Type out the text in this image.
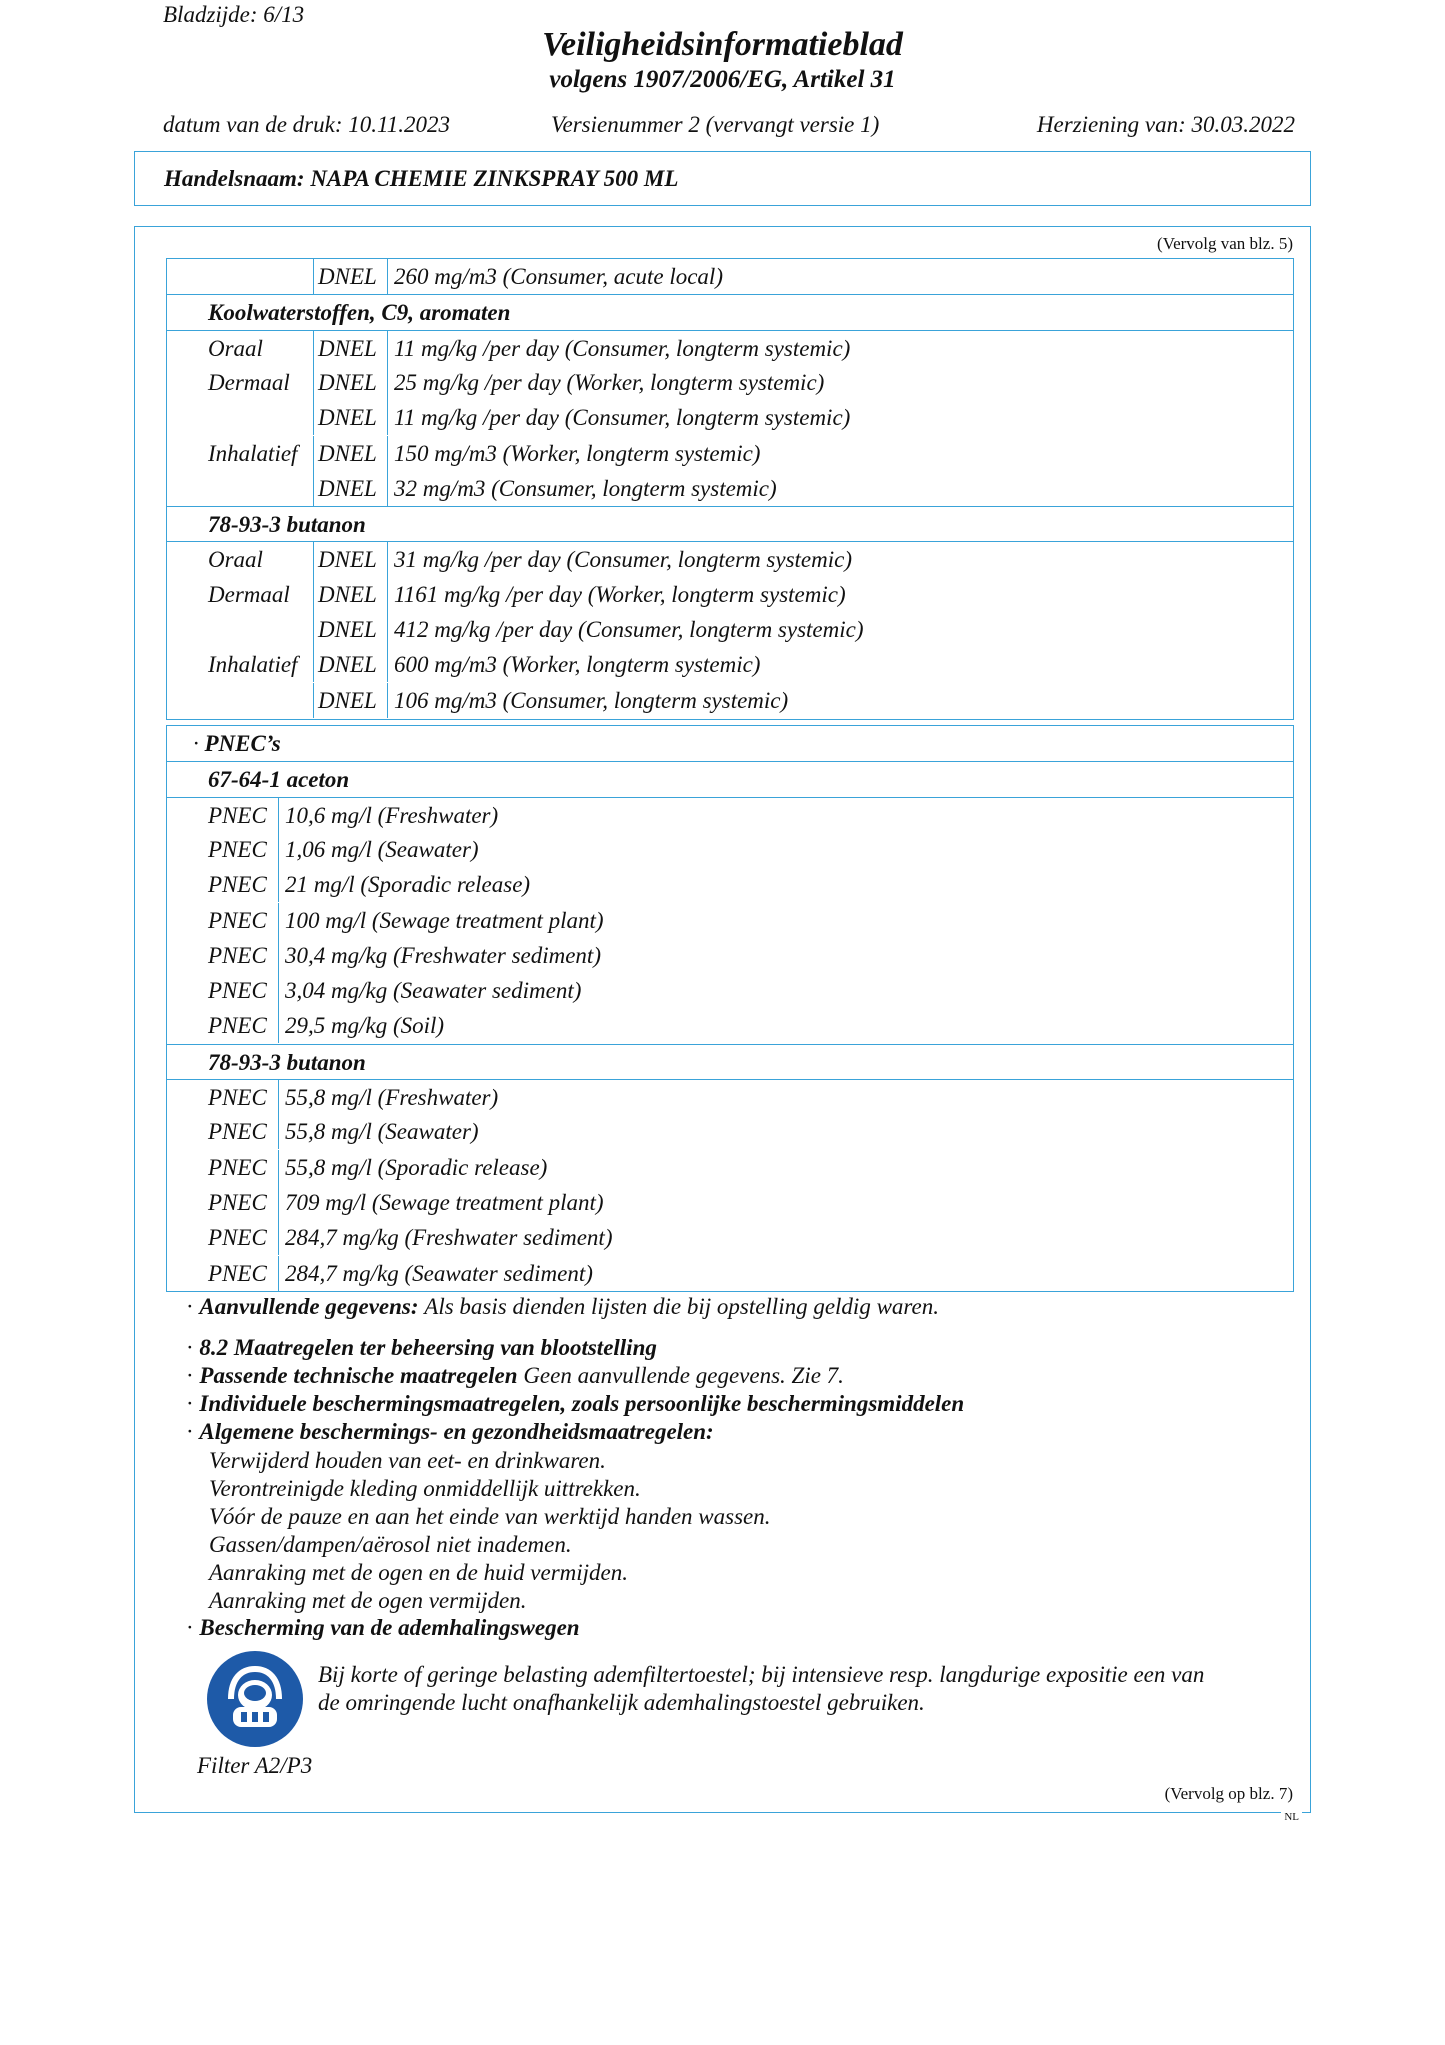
Bladzijde: 6/13
Veiligheidsinformatieblad
volgens 1907/2006/EG, Artikel 31
datum van de druk: 10.11.2023	Versienummer 2 (vervangt versie 1)	Herziening van: 30.03.2022
Handelsnaam: NAPA CHEMIE ZINKSPRAY 500 ML
(Vervolg van blz. 5)
DNEL 260 mg/m3 (Consumer, acute local)
Koolwaterstoffen, C9, aromaten
Oraal DNEL 11 mg/kg /per day (Consumer, longterm systemic)
Dermaal DNEL 25 mg/kg /per day (Worker, longterm systemic)
DNEL 11 mg/kg /per day (Consumer, longterm systemic)
Inhalatief DNEL 150 mg/m3 (Worker, longterm systemic)
DNEL 32 mg/m3 (Consumer, longterm systemic)
78-93-3 butanon
Oraal DNEL 31 mg/kg /per day (Consumer, longterm systemic)
Dermaal DNEL 1161 mg/kg /per day (Worker, longterm systemic)
DNEL 412 mg/kg /per day (Consumer, longterm systemic)
Inhalatief DNEL 600 mg/m3 (Worker, longterm systemic)
DNEL 106 mg/m3 (Consumer, longterm systemic)
· PNEC’s
67-64-1 aceton
PNEC 10,6 mg/l (Freshwater)
PNEC 1,06 mg/l (Seawater)
PNEC 21 mg/l (Sporadic release)
PNEC 100 mg/l (Sewage treatment plant)
PNEC 30,4 mg/kg (Freshwater sediment)
PNEC 3,04 mg/kg (Seawater sediment)
PNEC 29,5 mg/kg (Soil)
78-93-3 butanon
PNEC 55,8 mg/l (Freshwater)
PNEC 55,8 mg/l (Seawater)
PNEC 55,8 mg/l (Sporadic release)
PNEC 709 mg/l (Sewage treatment plant)
PNEC 284,7 mg/kg (Freshwater sediment)
PNEC 284,7 mg/kg (Seawater sediment)
· Aanvullende gegevens: Als basis dienden lijsten die bij opstelling geldig waren.
· 8.2 Maatregelen ter beheersing van blootstelling
· Passende technische maatregelen Geen aanvullende gegevens. Zie 7.
· Individuele beschermingsmaatregelen, zoals persoonlijke beschermingsmiddelen
· Algemene beschermings- en gezondheidsmaatregelen:
Verwijderd houden van eet- en drinkwaren.
Verontreinigde kleding onmiddellijk uittrekken.
Vóór de pauze en aan het einde van werktijd handen wassen.
Gassen/dampen/aërosol niet inademen.
Aanraking met de ogen en de huid vermijden.
Aanraking met de ogen vermijden.
· Bescherming van de ademhalingswegen
Bij korte of geringe belasting ademfiltertoestel; bij intensieve resp. langdurige expositie een van
de omringende lucht onafhankelijk ademhalingstoestel gebruiken.
Filter A2/P3
(Vervolg op blz. 7)
NL
